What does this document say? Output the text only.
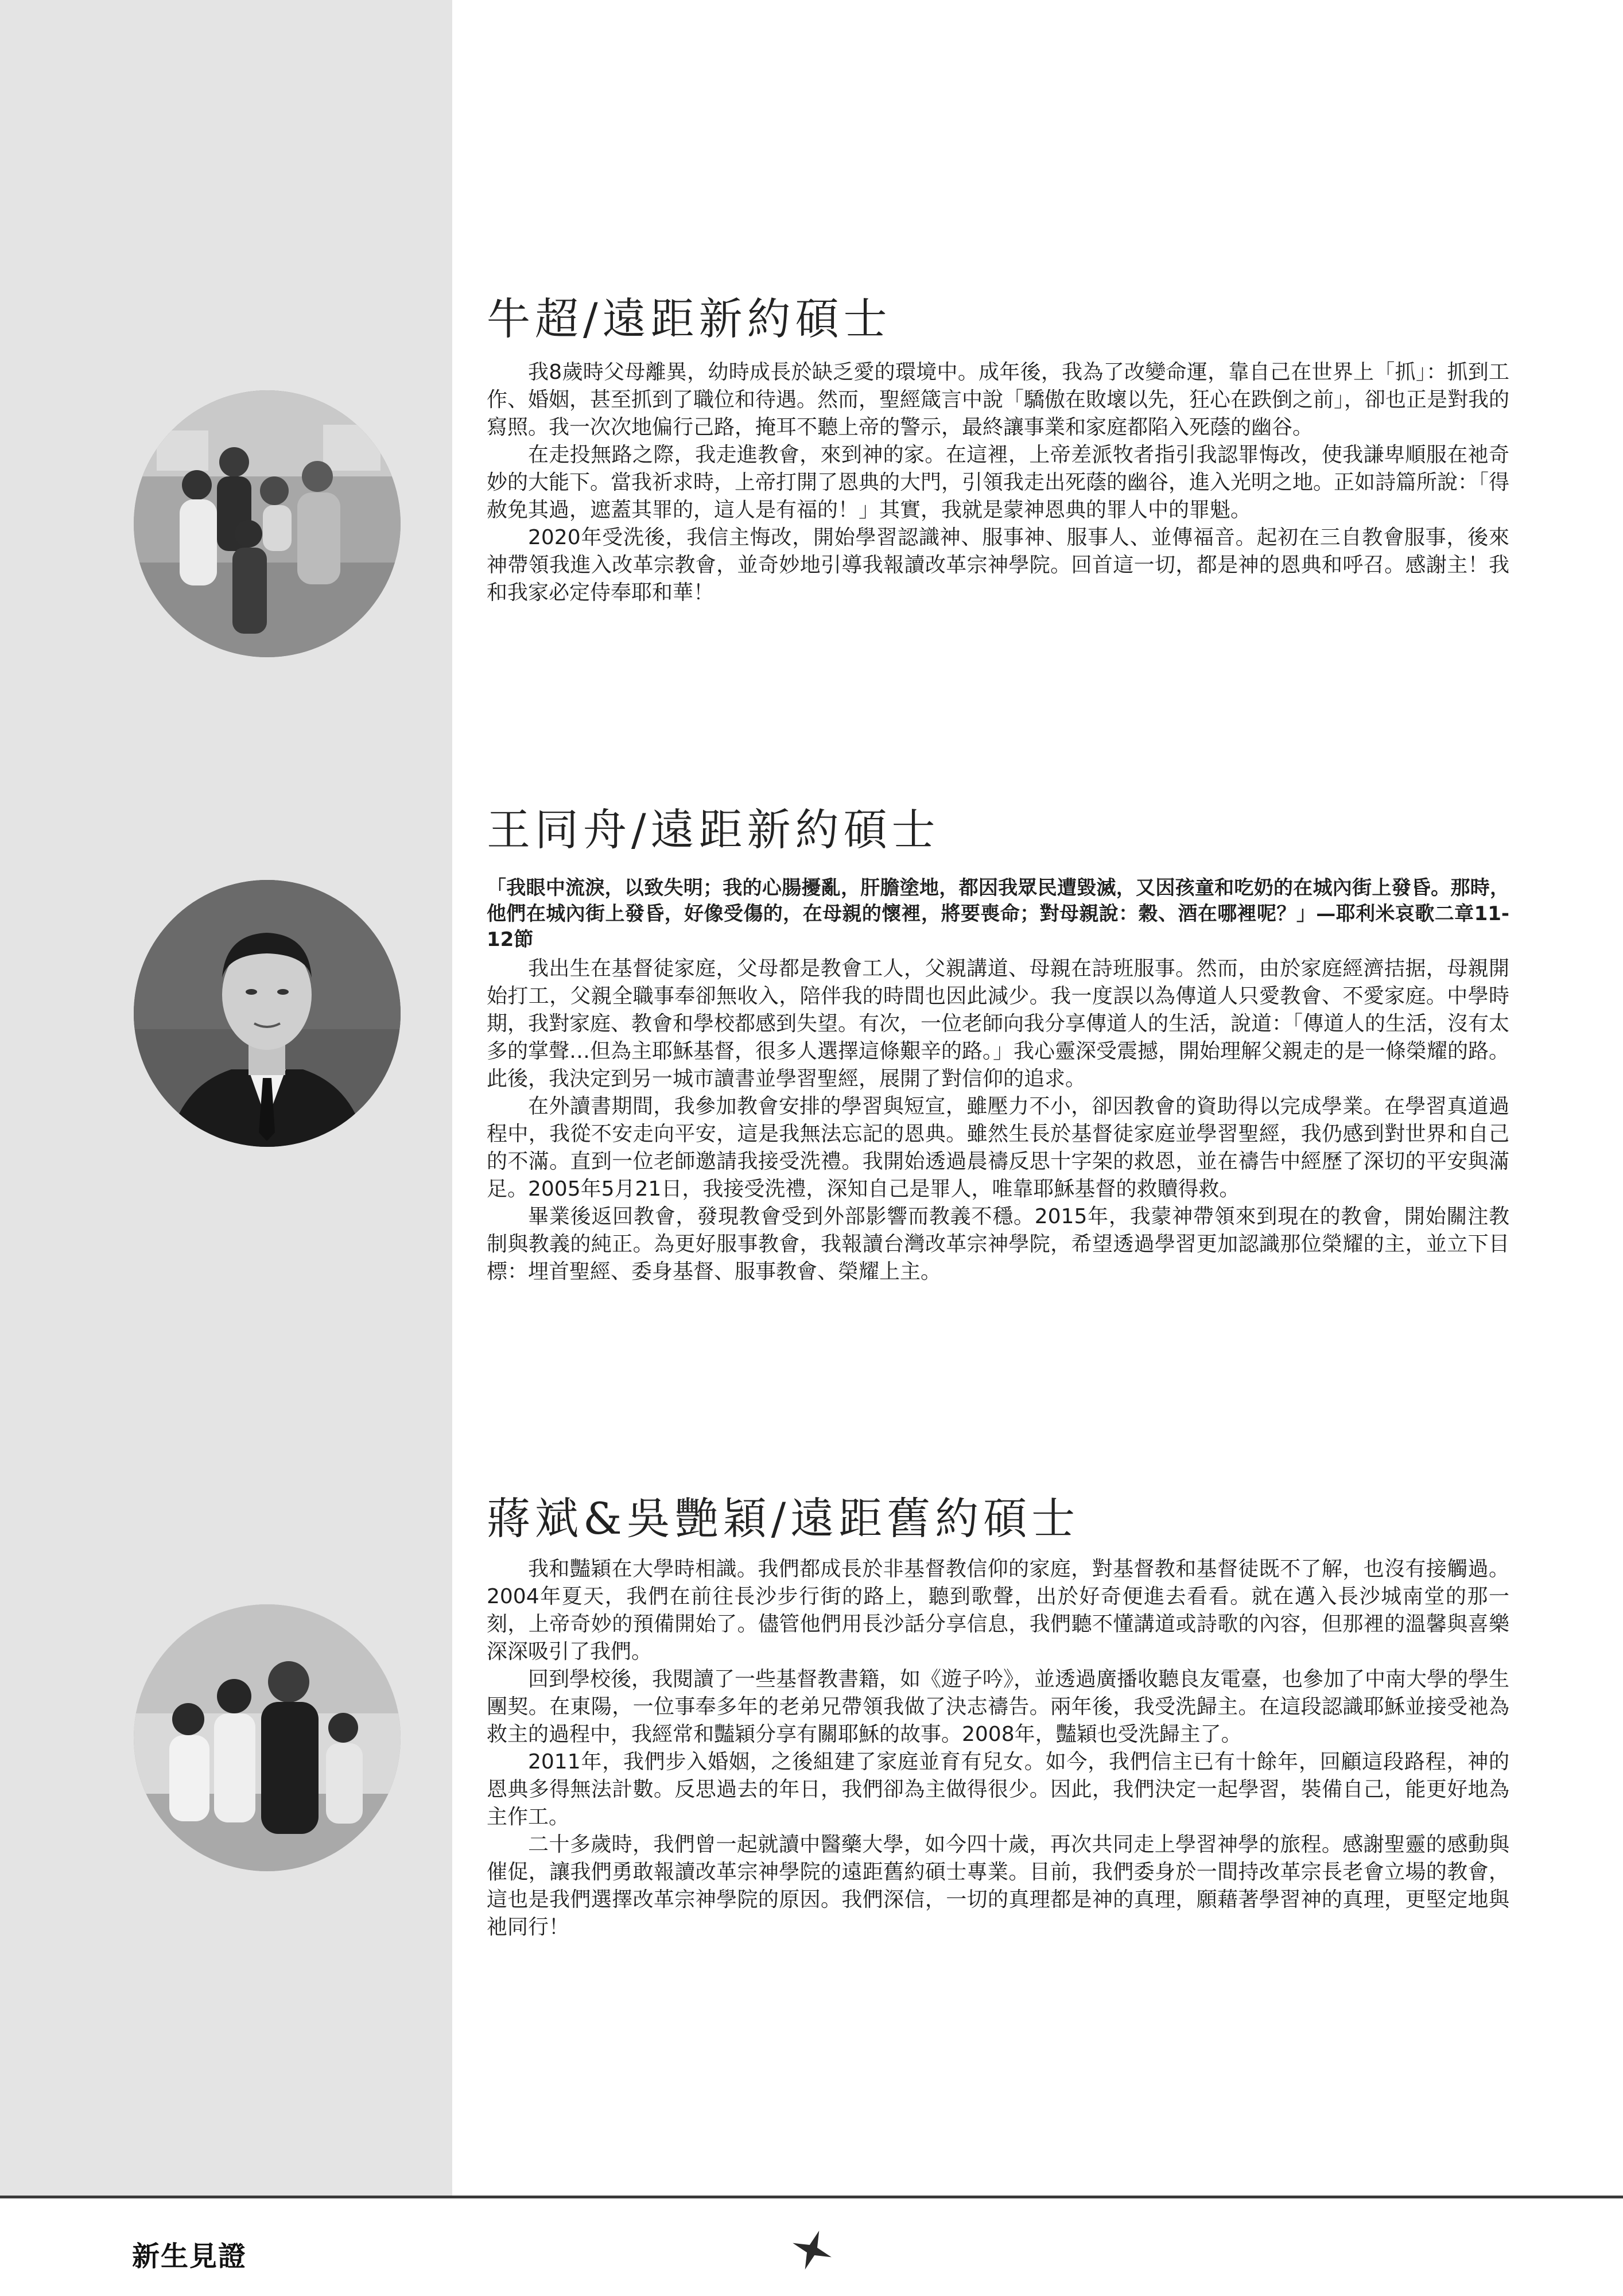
牛超/遠距新約碩士

我8歲時父母離異，幼時成長於缺乏愛的環境中。成年後，我為了改變命運，靠自己在世界上「抓」：抓到工作、婚姻，甚至抓到了職位和待遇。然而，聖經箴言中說「驕傲在敗壞以先，狂心在跌倒之前」，卻也正是對我的寫照。我一次次地偏行己路，掩耳不聽上帝的警示，最終讓事業和家庭都陷入死蔭的幽谷。

在走投無路之際，我走進教會，來到神的家。在這裡，上帝差派牧者指引我認罪悔改，使我謙卑順服在祂奇妙的大能下。當我祈求時，上帝打開了恩典的大門，引領我走出死蔭的幽谷，進入光明之地。正如詩篇所說：「得赦免其過，遮蓋其罪的，這人是有福的！」其實，我就是蒙神恩典的罪人中的罪魁。

2020年受洗後，我信主悔改，開始學習認識神、服事神、服事人、並傳福音。起初在三自教會服事，後來神帶領我進入改革宗教會，並奇妙地引導我報讀改革宗神學院。回首這一切，都是神的恩典和呼召。感謝主！我和我家必定侍奉耶和華！

王同舟/遠距新約碩士
「我眼中流淚，以致失明；我的心腸擾亂，肝膽塗地，都因我眾民遭毀滅，又因孩童和吃奶的在城內街上發昏。那時，他們在城內街上發昏，好像受傷的，在母親的懷裡，將要喪命；對母親說：穀、酒在哪裡呢？」—耶利米哀歌二章11-12節

我出生在基督徒家庭，父母都是教會工人，父親講道、母親在詩班服事。然而，由於家庭經濟拮据，母親開始打工，父親全職事奉卻無收入，陪伴我的時間也因此減少。我一度誤以為傳道人只愛教會、不愛家庭。中學時期，我對家庭、教會和學校都感到失望。有次，一位老師向我分享傳道人的生活，說道：「傳道人的生活，沒有太多的掌聲…但為主耶穌基督，很多人選擇這條艱辛的路。」我心靈深受震撼，開始理解父親走的是一條榮耀的路。此後，我決定到另一城市讀書並學習聖經，展開了對信仰的追求。

在外讀書期間，我參加教會安排的學習與短宣，雖壓力不小，卻因教會的資助得以完成學業。在學習真道過程中，我從不安走向平安，這是我無法忘記的恩典。雖然生長於基督徒家庭並學習聖經，我仍感到對世界和自己的不滿。直到一位老師邀請我接受洗禮。我開始透過晨禱反思十字架的救恩，並在禱告中經歷了深切的平安與滿足。2005年5月21日，我接受洗禮，深知自己是罪人，唯靠耶穌基督的救贖得救。

畢業後返回教會，發現教會受到外部影響而教義不穩。2015年，我蒙神帶領來到現在的教會，開始關注教制與教義的純正。為更好服事教會，我報讀台灣改革宗神學院，希望透過學習更加認識那位榮耀的主，並立下目標：埋首聖經、委身基督、服事教會、榮耀上主。

蔣斌&吳艷穎/遠距舊約碩士

我和豔穎在大學時相識。我們都成長於非基督教信仰的家庭，對基督教和基督徒既不了解，也沒有接觸過。2004年夏天，我們在前往長沙步行街的路上，聽到歌聲，出於好奇便進去看看。就在邁入長沙城南堂的那一刻，上帝奇妙的預備開始了。儘管他們用長沙話分享信息，我們聽不懂講道或詩歌的內容，但那裡的溫馨與喜樂深深吸引了我們。

回到學校後，我閱讀了一些基督教書籍，如《遊子吟》，並透過廣播收聽良友電臺，也參加了中南大學的學生團契。在東陽，一位事奉多年的老弟兄帶領我做了決志禱告。兩年後，我受洗歸主。在這段認識耶穌並接受祂為救主的過程中，我經常和豔穎分享有關耶穌的故事。2008年，豔穎也受洗歸主了。

2011年，我們步入婚姻，之後組建了家庭並育有兒女。如今，我們信主已有十餘年，回顧這段路程，神的恩典多得無法計數。反思過去的年日，我們卻為主做得很少。因此，我們決定一起學習，裝備自己，能更好地為主作工。

二十多歲時，我們曾一起就讀中醫藥大學，如今四十歲，再次共同走上學習神學的旅程。感謝聖靈的感動與催促，讓我們勇敢報讀改革宗神學院的遠距舊約碩士專業。目前，我們委身於一間持改革宗長老會立場的教會，這也是我們選擇改革宗神學院的原因。我們深信，一切的真理都是神的真理，願藉著學習神的真理，更堅定地與祂同行！

新生見證
